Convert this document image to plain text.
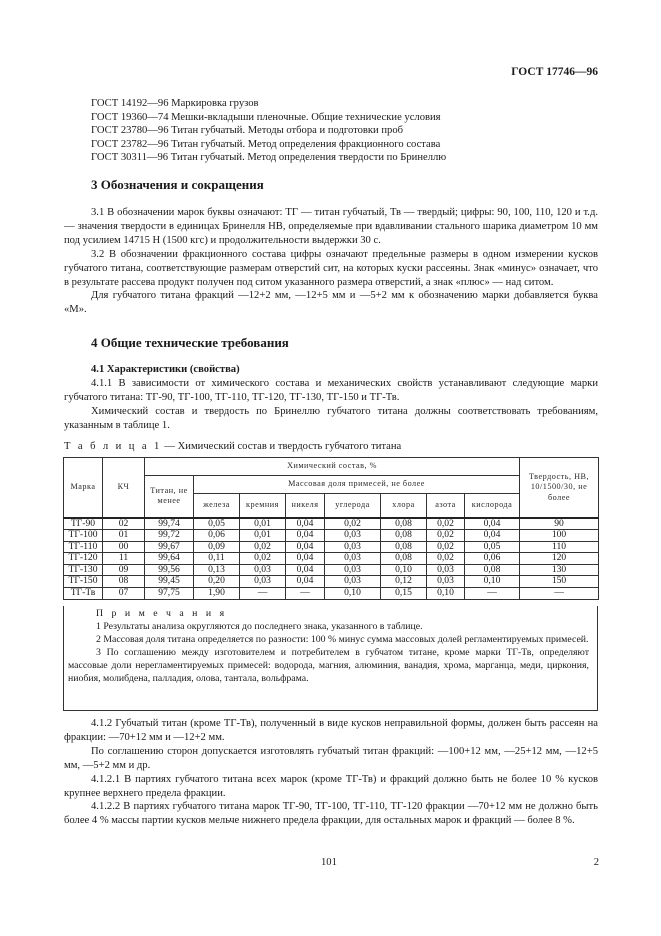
ГОСТ 17746—96
ГОСТ 14192—96 Маркировка грузов
ГОСТ 19360—74 Мешки-вкладыши пленочные. Общие технические условия
ГОСТ 23780—96 Титан губчатый. Методы отбора и подготовки проб
ГОСТ 23782—96 Титан губчатый. Метод определения фракционного состава
ГОСТ 30311—96 Титан губчатый. Метод определения твердости по Бринеллю
3 Обозначения и сокращения

3.1 В обозначении марок буквы означают: ТГ — титан губчатый, Тв — твердый; цифры: 90, 100, 110, 120 и т.д. — значения твердости в единицах Бринелля НВ, определяемые при вдавливании стального шарика диаметром 10 мм под усилием 14715 Н (1500 кгс) и продолжительности выдержки 30 с.

3.2 В обозначении фракционного состава цифры означают предельные размеры в одном измерении кусков губчатого титана, соответствующие размерам отверстий сит, на которых куски рассеяны. Знак «минус» означает, что в результате рассева продукт получен под ситом указанного размера отверстий, а знак «плюс» — над ситом.

Для губчатого титана фракций —12+2 мм, —12+5 мм и —5+2 мм к обозначению марки добавляется буква «М».

4 Общие технические требования
4.1 Характеристики (свойства)

4.1.1 В зависимости от химического состава и механических свойств устанавливают следующие марки губчатого титана: ТГ-90, ТГ-100, ТГ-110, ТГ-120, ТГ-130, ТГ-150 и ТГ-Тв.

Химический состав и твердость по Бринеллю губчатого титана должны соответствовать требованиям, указанным в таблице 1.

Т а б л и ц а 1 — Химический состав и твердость губчатого титана
Марка	КЧ	Химический состав, %								Твердость, НВ, 10/1500/30, не более
		Титан, не менее	Массовая доля примесей, не более							
			железа	кремния	никеля	углерода	хлора	азота	кислорода	
ТГ-90	02	99,74	0,05	0,01	0,04	0,02	0,08	0,02	0,04	90
ТГ-100	01	99,72	0,06	0,01	0,04	0,03	0,08	0,02	0,04	100
ТГ-110	00	99,67	0,09	0,02	0,04	0,03	0,08	0,02	0,05	110
ТГ-120	11	99,64	0,11	0,02	0,04	0,03	0,08	0,02	0,06	120
ТГ-130	09	99,56	0,13	0,03	0,04	0,03	0,10	0,03	0,08	130
ТГ-150	08	99,45	0,20	0,03	0,04	0,03	0,12	0,03	0,10	150
ТГ-Тв	07	97,75	1,90	—	—	0,10	0,15	0,10	—	—

П р и м е ч а н и я

1 Результаты анализа округляются до последнего знака, указанного в таблице.

2 Массовая доля титана определяется по разности: 100 % минус сумма массовых долей регламентируемых примесей.

3 По соглашению между изготовителем и потребителем в губчатом титане, кроме марки ТГ-Тв, определяют массовые доли нерегламентируемых примесей: водорода, магния, алюминия, ванадия, хрома, марганца, меди, циркония, ниобия, молибдена, палладия, олова, тантала, вольфрама.

4.1.2 Губчатый титан (кроме ТГ-Тв), полученный в виде кусков неправильной формы, должен быть рассеян на фракции: —70+12 мм и —12+2 мм.

По соглашению сторон допускается изготовлять губчатый титан фракций: —100+12 мм, —25+12 мм, —12+5 мм, —5+2 мм и др.

4.1.2.1 В партиях губчатого титана всех марок (кроме ТГ-Тв) и фракций должно быть не более 10 % кусков крупнее верхнего предела фракции.

4.1.2.2 В партиях губчатого титана марок ТГ-90, ТГ-100, ТГ-110, ТГ-120 фракции —70+12 мм не должно быть более 4 % массы партии кусков мельче нижнего предела фракции, для остальных марок и фракций — более 8 %.

101	2
